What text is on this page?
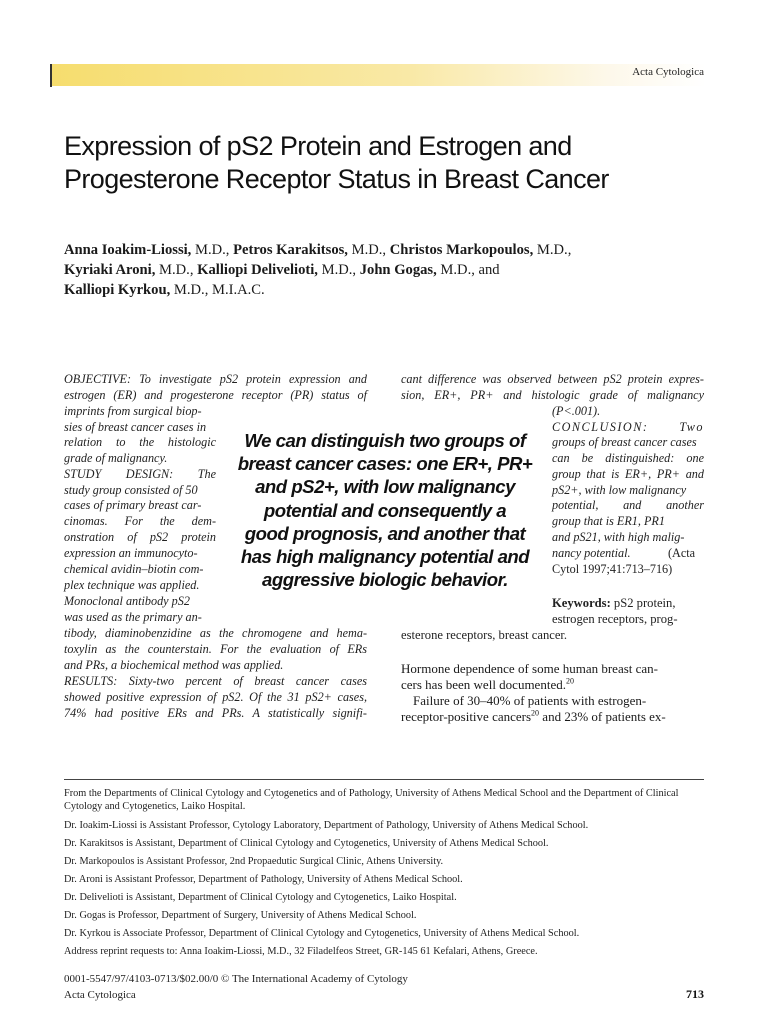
Acta Cytologica
Expression of pS2 Protein and Estrogen and
Progesterone Receptor Status in Breast Cancer
Anna Ioakim-Liossi, M.D., Petros Karakitsos, M.D., Christos Markopoulos, M.D.,
Kyriaki Aroni, M.D., Kalliopi Delivelioti, M.D., John Gogas, M.D., and
Kalliopi Kyrkou, M.D., M.I.A.C.
OBJECTIVE: To investigate pS2 protein expression and
estrogen (ER) and progesterone receptor (PR) status of
imprints from surgical biop-
sies of breast cancer cases in
relation to the histologic
grade of malignancy.
STUDY DESIGN: The
study group consisted of 50
cases of primary breast car-
cinomas. For the dem-
onstration of pS2 protein
expression an immunocyto-
chemical avidin–biotin com-
plex technique was applied.
Monoclonal antibody pS2
was used as the primary an-
tibody, diaminobenzidine as the chromogene and hema-
toxylin as the counterstain. For the evaluation of ERs
and PRs, a biochemical method was applied.
RESULTS: Sixty-two percent of breast cancer cases
showed positive expression of pS2. Of the 31 pS2+ cases,
74% had positive ERs and PRs. A statistically signifi-
We can distinguish two groups of
breast cancer cases: one ER+, PR+
and pS2+, with low malignancy
potential and consequently a
good prognosis, and another that
has high malignancy potential and
aggressive biologic behavior.
cant difference was observed between pS2 protein expres-
sion, ER+, PR+ and histologic grade of malignancy
(P<.001).
CONCLUSION: Two
groups of breast cancer cases
can be distinguished: one
group that is ER+, PR+ and
pS2+, with low malignancy
potential, and another
group that is ER1, PR1
and pS21, with high malig-
nancy potential.	(Acta
Cytol 1997;41:713–716)
Keywords: pS2 protein,
estrogen receptors, prog-
esterone receptors, breast cancer.
Hormone dependence of some human breast can-
cers has been well documented.$^{20}$
Failure of 30–40% of patients with estrogen-
receptor-positive cancers$^{20}$ and 23% of patients ex-
From the Departments of Clinical Cytology and Cytogenetics and of Pathology, University of Athens Medical School and the Department of Clinical Cytology and Cytogenetics, Laiko Hospital.
Dr. Ioakim-Liossi is Assistant Professor, Cytology Laboratory, Department of Pathology, University of Athens Medical School.
Dr. Karakitsos is Assistant, Department of Clinical Cytology and Cytogenetics, University of Athens Medical School.
Dr. Markopoulos is Assistant Professor, 2nd Propaedutic Surgical Clinic, Athens University.
Dr. Aroni is Assistant Professor, Department of Pathology, University of Athens Medical School.
Dr. Delivelioti is Assistant, Department of Clinical Cytology and Cytogenetics, Laiko Hospital.
Dr. Gogas is Professor, Department of Surgery, University of Athens Medical School.
Dr. Kyrkou is Associate Professor, Department of Clinical Cytology and Cytogenetics, University of Athens Medical School.
Address reprint requests to: Anna Ioakim-Liossi, M.D., 32 Filadelfeos Street, GR-145 61 Kefalari, Athens, Greece.
0001-5547/97/4103-0713/$02.00/0 © The International Academy of Cytology
Acta Cytologica	713
